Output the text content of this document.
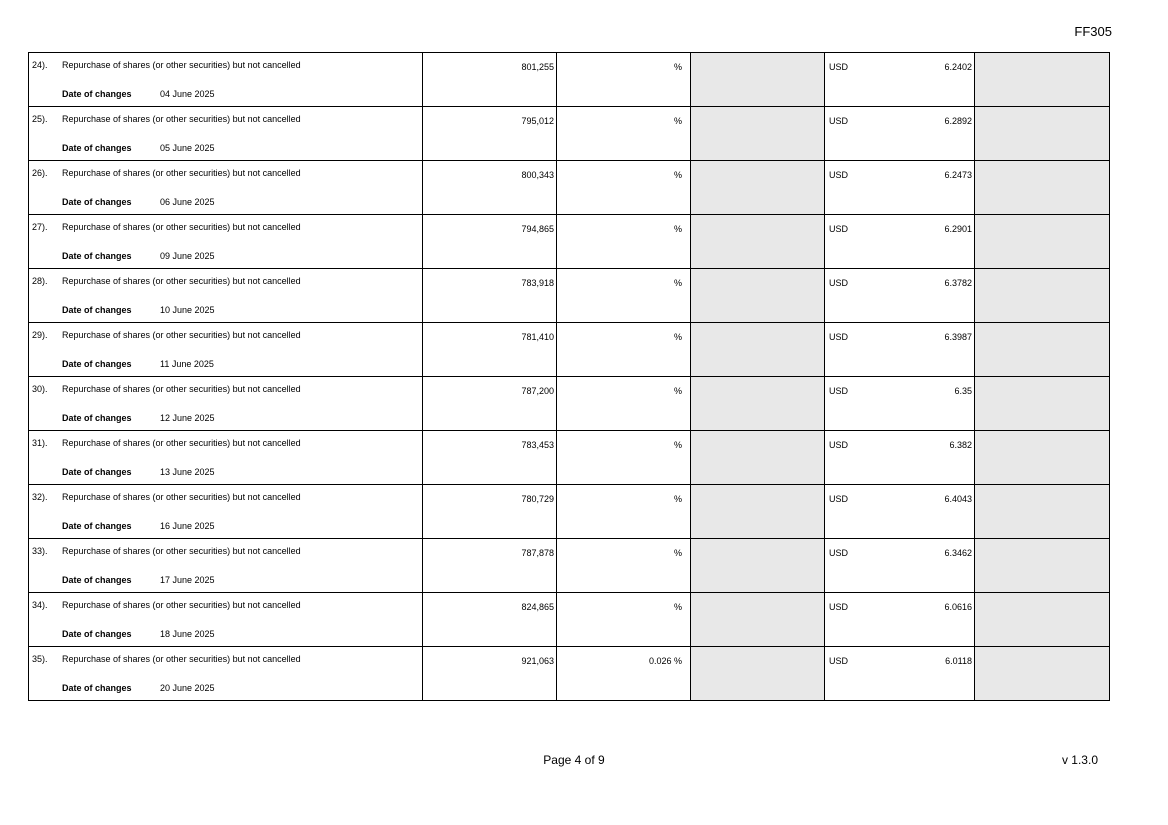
FF305
24). Repurchase of shares (or other securities) but not cancelled
Date of changes 04 June 2025	801,255	%		USD 6.2402	

25). Repurchase of shares (or other securities) but not cancelled
Date of changes 05 June 2025	795,012	%		USD 6.2892	

26). Repurchase of shares (or other securities) but not cancelled
Date of changes 06 June 2025	800,343	%		USD 6.2473	

27). Repurchase of shares (or other securities) but not cancelled
Date of changes 09 June 2025	794,865	%		USD 6.2901	

28). Repurchase of shares (or other securities) but not cancelled
Date of changes 10 June 2025	783,918	%		USD 6.3782	

29). Repurchase of shares (or other securities) but not cancelled
Date of changes 11 June 2025	781,410	%		USD 6.3987	

30). Repurchase of shares (or other securities) but not cancelled
Date of changes 12 June 2025	787,200	%		USD 6.35	

31). Repurchase of shares (or other securities) but not cancelled
Date of changes 13 June 2025	783,453	%		USD 6.382	

32). Repurchase of shares (or other securities) but not cancelled
Date of changes 16 June 2025	780,729	%		USD 6.4043	

33). Repurchase of shares (or other securities) but not cancelled
Date of changes 17 June 2025	787,878	%		USD 6.3462	

34). Repurchase of shares (or other securities) but not cancelled
Date of changes 18 June 2025	824,865	%		USD 6.0616	

35). Repurchase of shares (or other securities) but not cancelled
Date of changes 20 June 2025	921,063	0.026 %		USD 6.0118	

Page 4 of 9	v 1.3.0
